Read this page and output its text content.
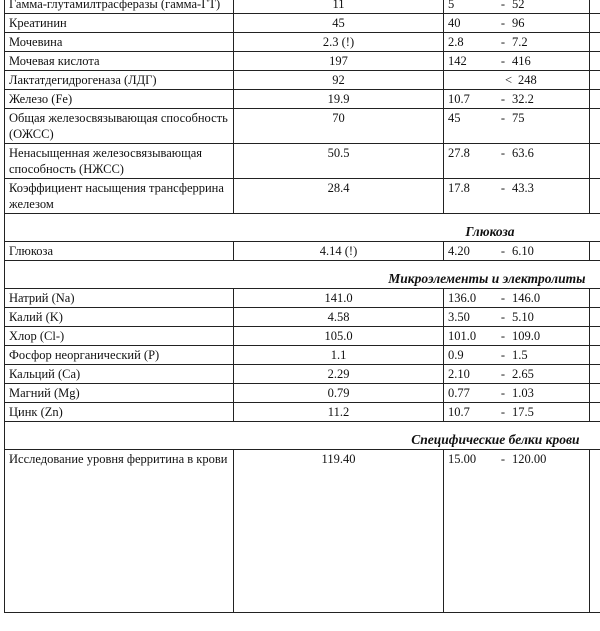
Гамма-глутамилтрасферазы (гамма-ГТ)	11	5 - 52	
Креатинин	45	40 - 96	
Мочевина	2.3 (!)	2.8 - 7.2	
Мочевая кислота	197	142 - 416	
Лактатдегидрогеназа (ЛДГ)	92	< 248	
Железо (Fe)	19.9	10.7 - 32.2	
Общая железосвязывающая способность (ОЖСС)	70	45 - 75	
Ненасыщенная железосвязывающая способность (НЖСС)	50.5	27.8 - 63.6	
Коэффициент насыщения трансферрина железом	28.4	17.8 - 43.3	
	Глюкоза		
Глюкоза	4.14 (!)	4.20 - 6.10	
	Микроэлементы и электролиты		
Натрий (Na)	141.0	136.0 - 146.0	
Калий (K)	4.58	3.50 - 5.10	
Хлор (Cl-)	105.0	101.0 - 109.0	
Фосфор неорганический (P)	1.1	0.9 - 1.5	
Кальций (Ca)	2.29	2.10 - 2.65	
Магний (Mg)	0.79	0.77 - 1.03	
Цинк (Zn)	11.2	10.7 - 17.5	
	Специфические белки крови		
Исследование уровня ферритина в крови	119.40	15.00 - 120.00	
